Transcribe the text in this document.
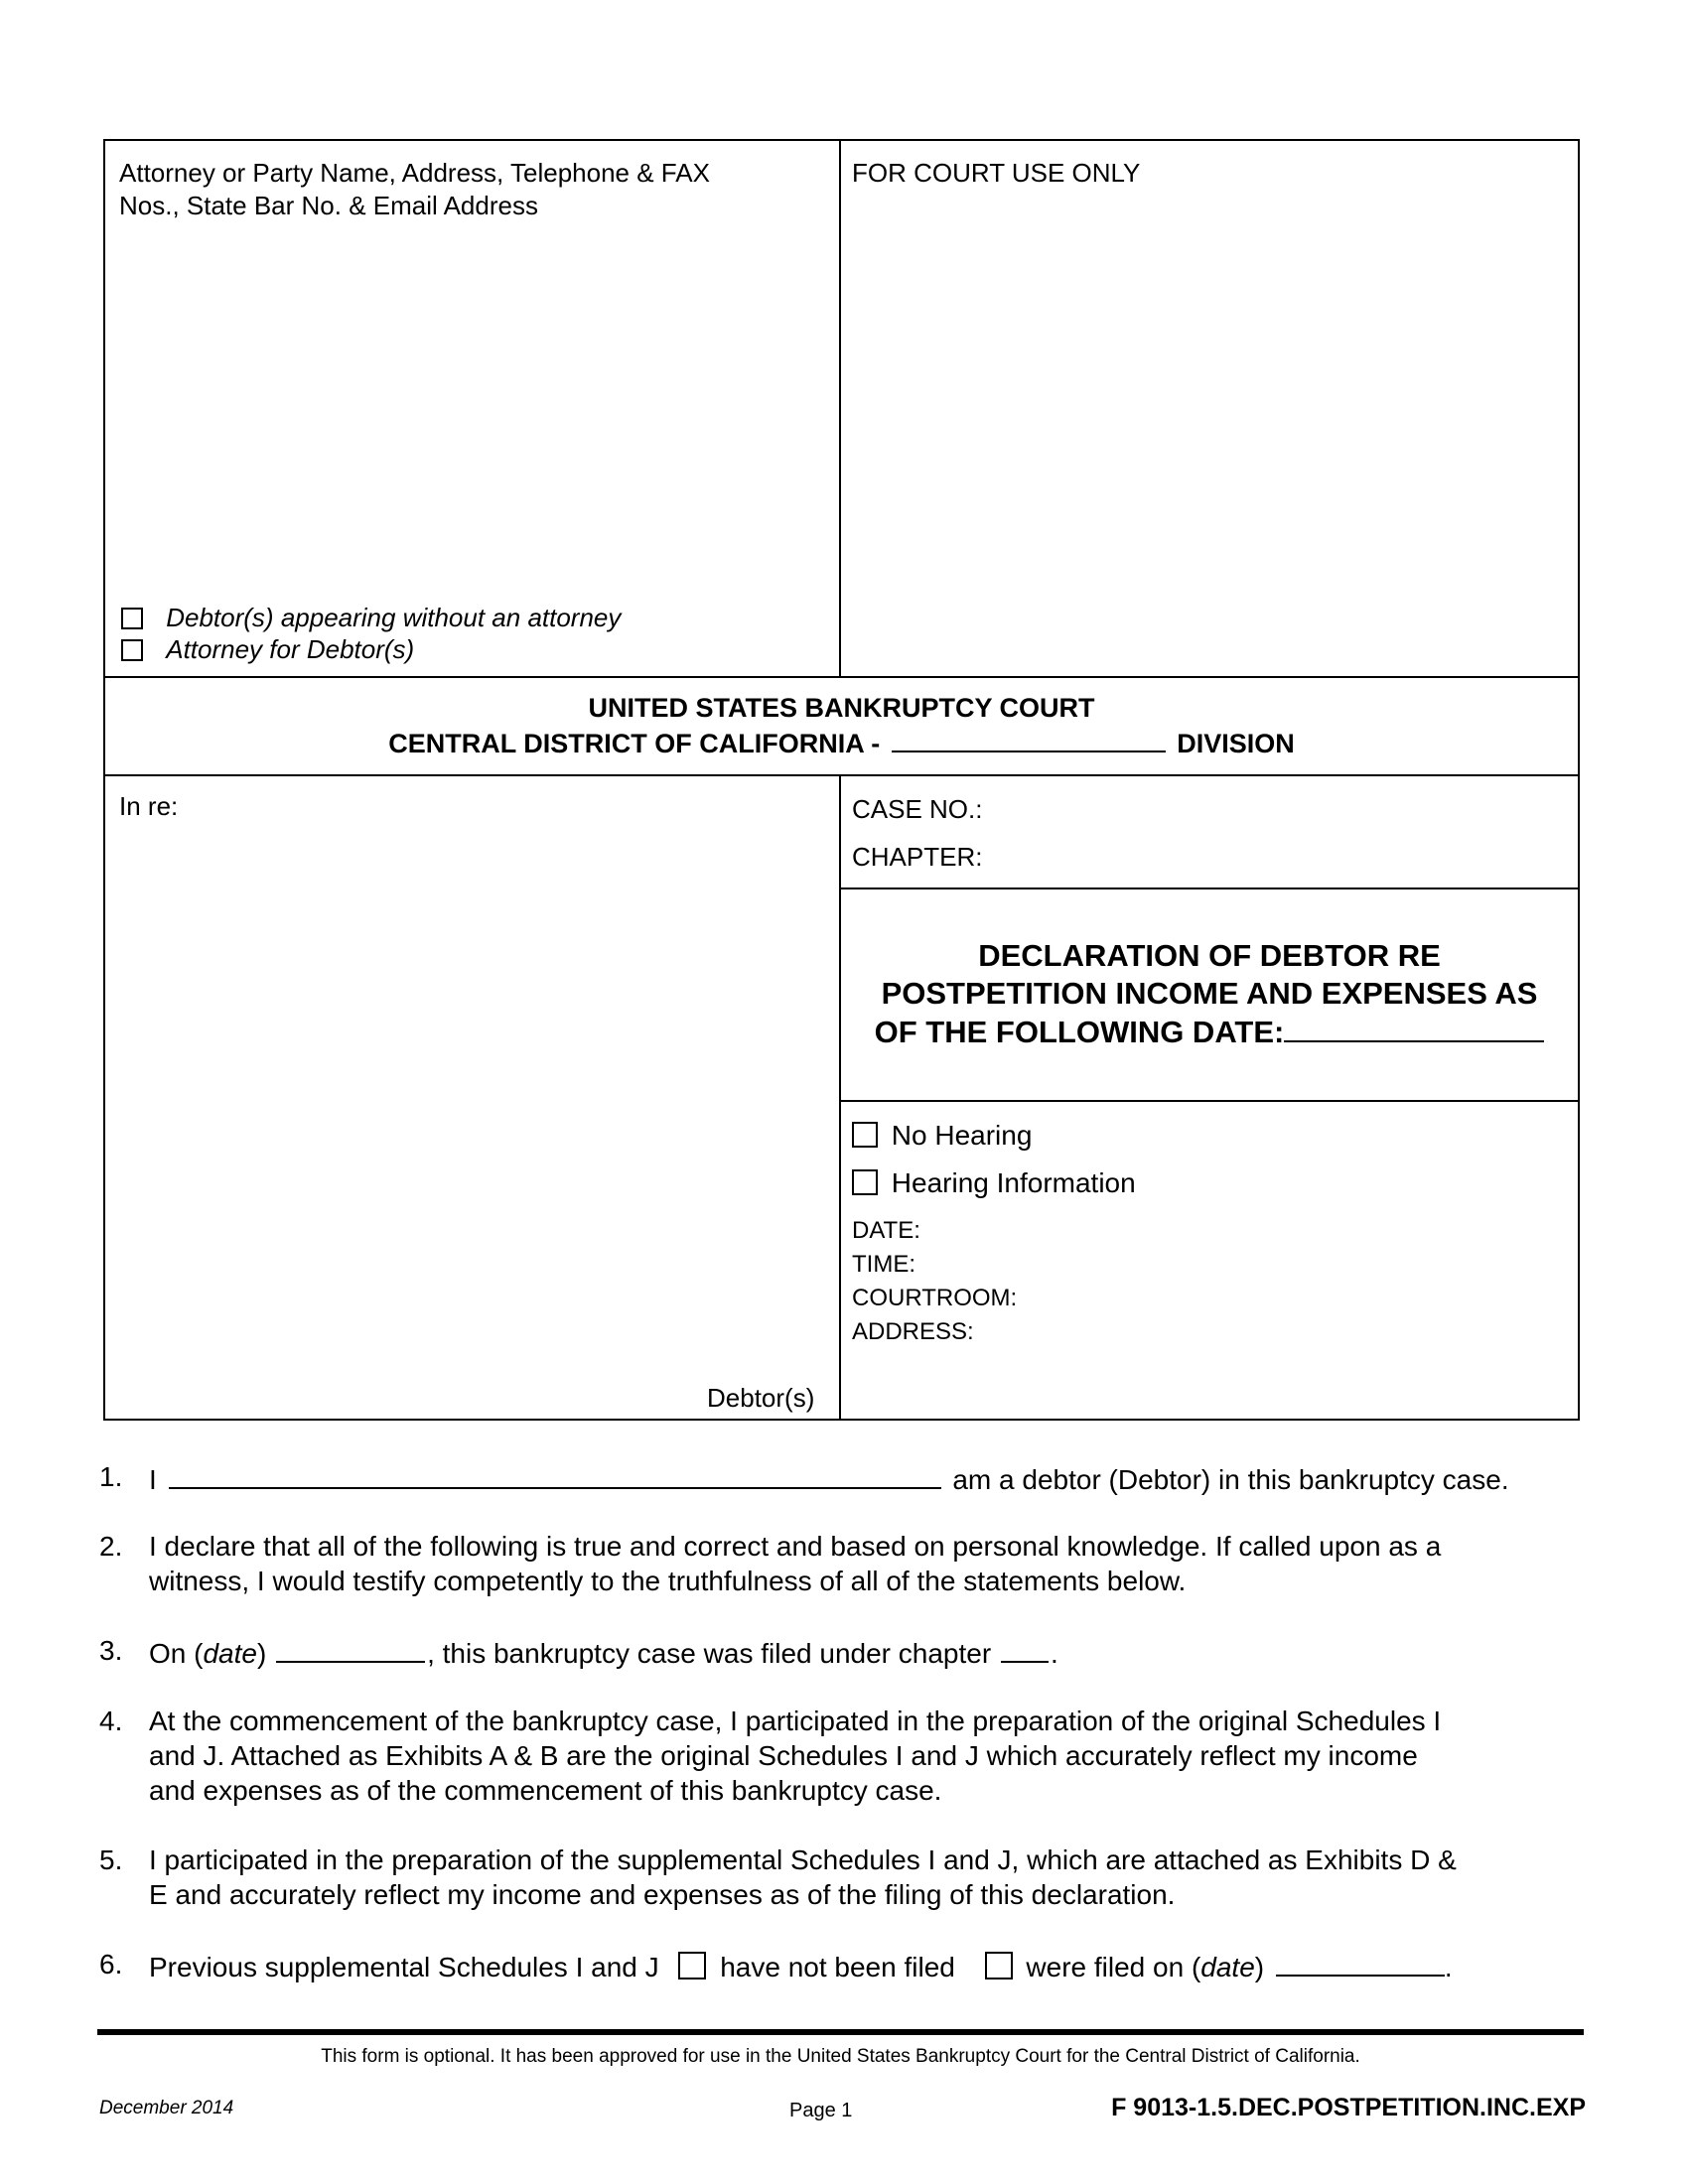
Attorney or Party Name, Address, Telephone & FAX
Nos., State Bar No. & Email Address
Debtor(s) appearing without an attorney
Attorney for Debtor(s)
FOR COURT USE ONLY
UNITED STATES BANKRUPTCY COURT
CENTRAL DISTRICT OF CALIFORNIA -	DIVISION
In re:
Debtor(s)
CASE NO.:
CHAPTER:
DECLARATION OF DEBTOR RE
POSTPETITION INCOME AND EXPENSES AS
OF THE FOLLOWING DATE:
No Hearing
Hearing Information
DATE:
TIME:
COURTROOM:
ADDRESS:
1. I	am a debtor (Debtor) in this bankruptcy case.
2. I declare that all of the following is true and correct and based on personal knowledge. If called upon as a
witness, I would testify competently to the truthfulness of all of the statements below.
3. On (date)	, this bankruptcy case was filed under chapter .
4. At the commencement of the bankruptcy case, I participated in the preparation of the original Schedules I
and J. Attached as Exhibits A & B are the original Schedules I and J which accurately reflect my income
and expenses as of the commencement of this bankruptcy case.
5. I participated in the preparation of the supplemental Schedules I and J, which are attached as Exhibits D &
E and accurately reflect my income and expenses as of the filing of this declaration.
6. Previous supplemental Schedules I and J have not been filed	were filed on (date)	.
This form is optional. It has been approved for use in the United States Bankruptcy Court for the Central District of California.
December 2014	Page 1	F 9013-1.5.DEC.POSTPETITION.INC.EXP
